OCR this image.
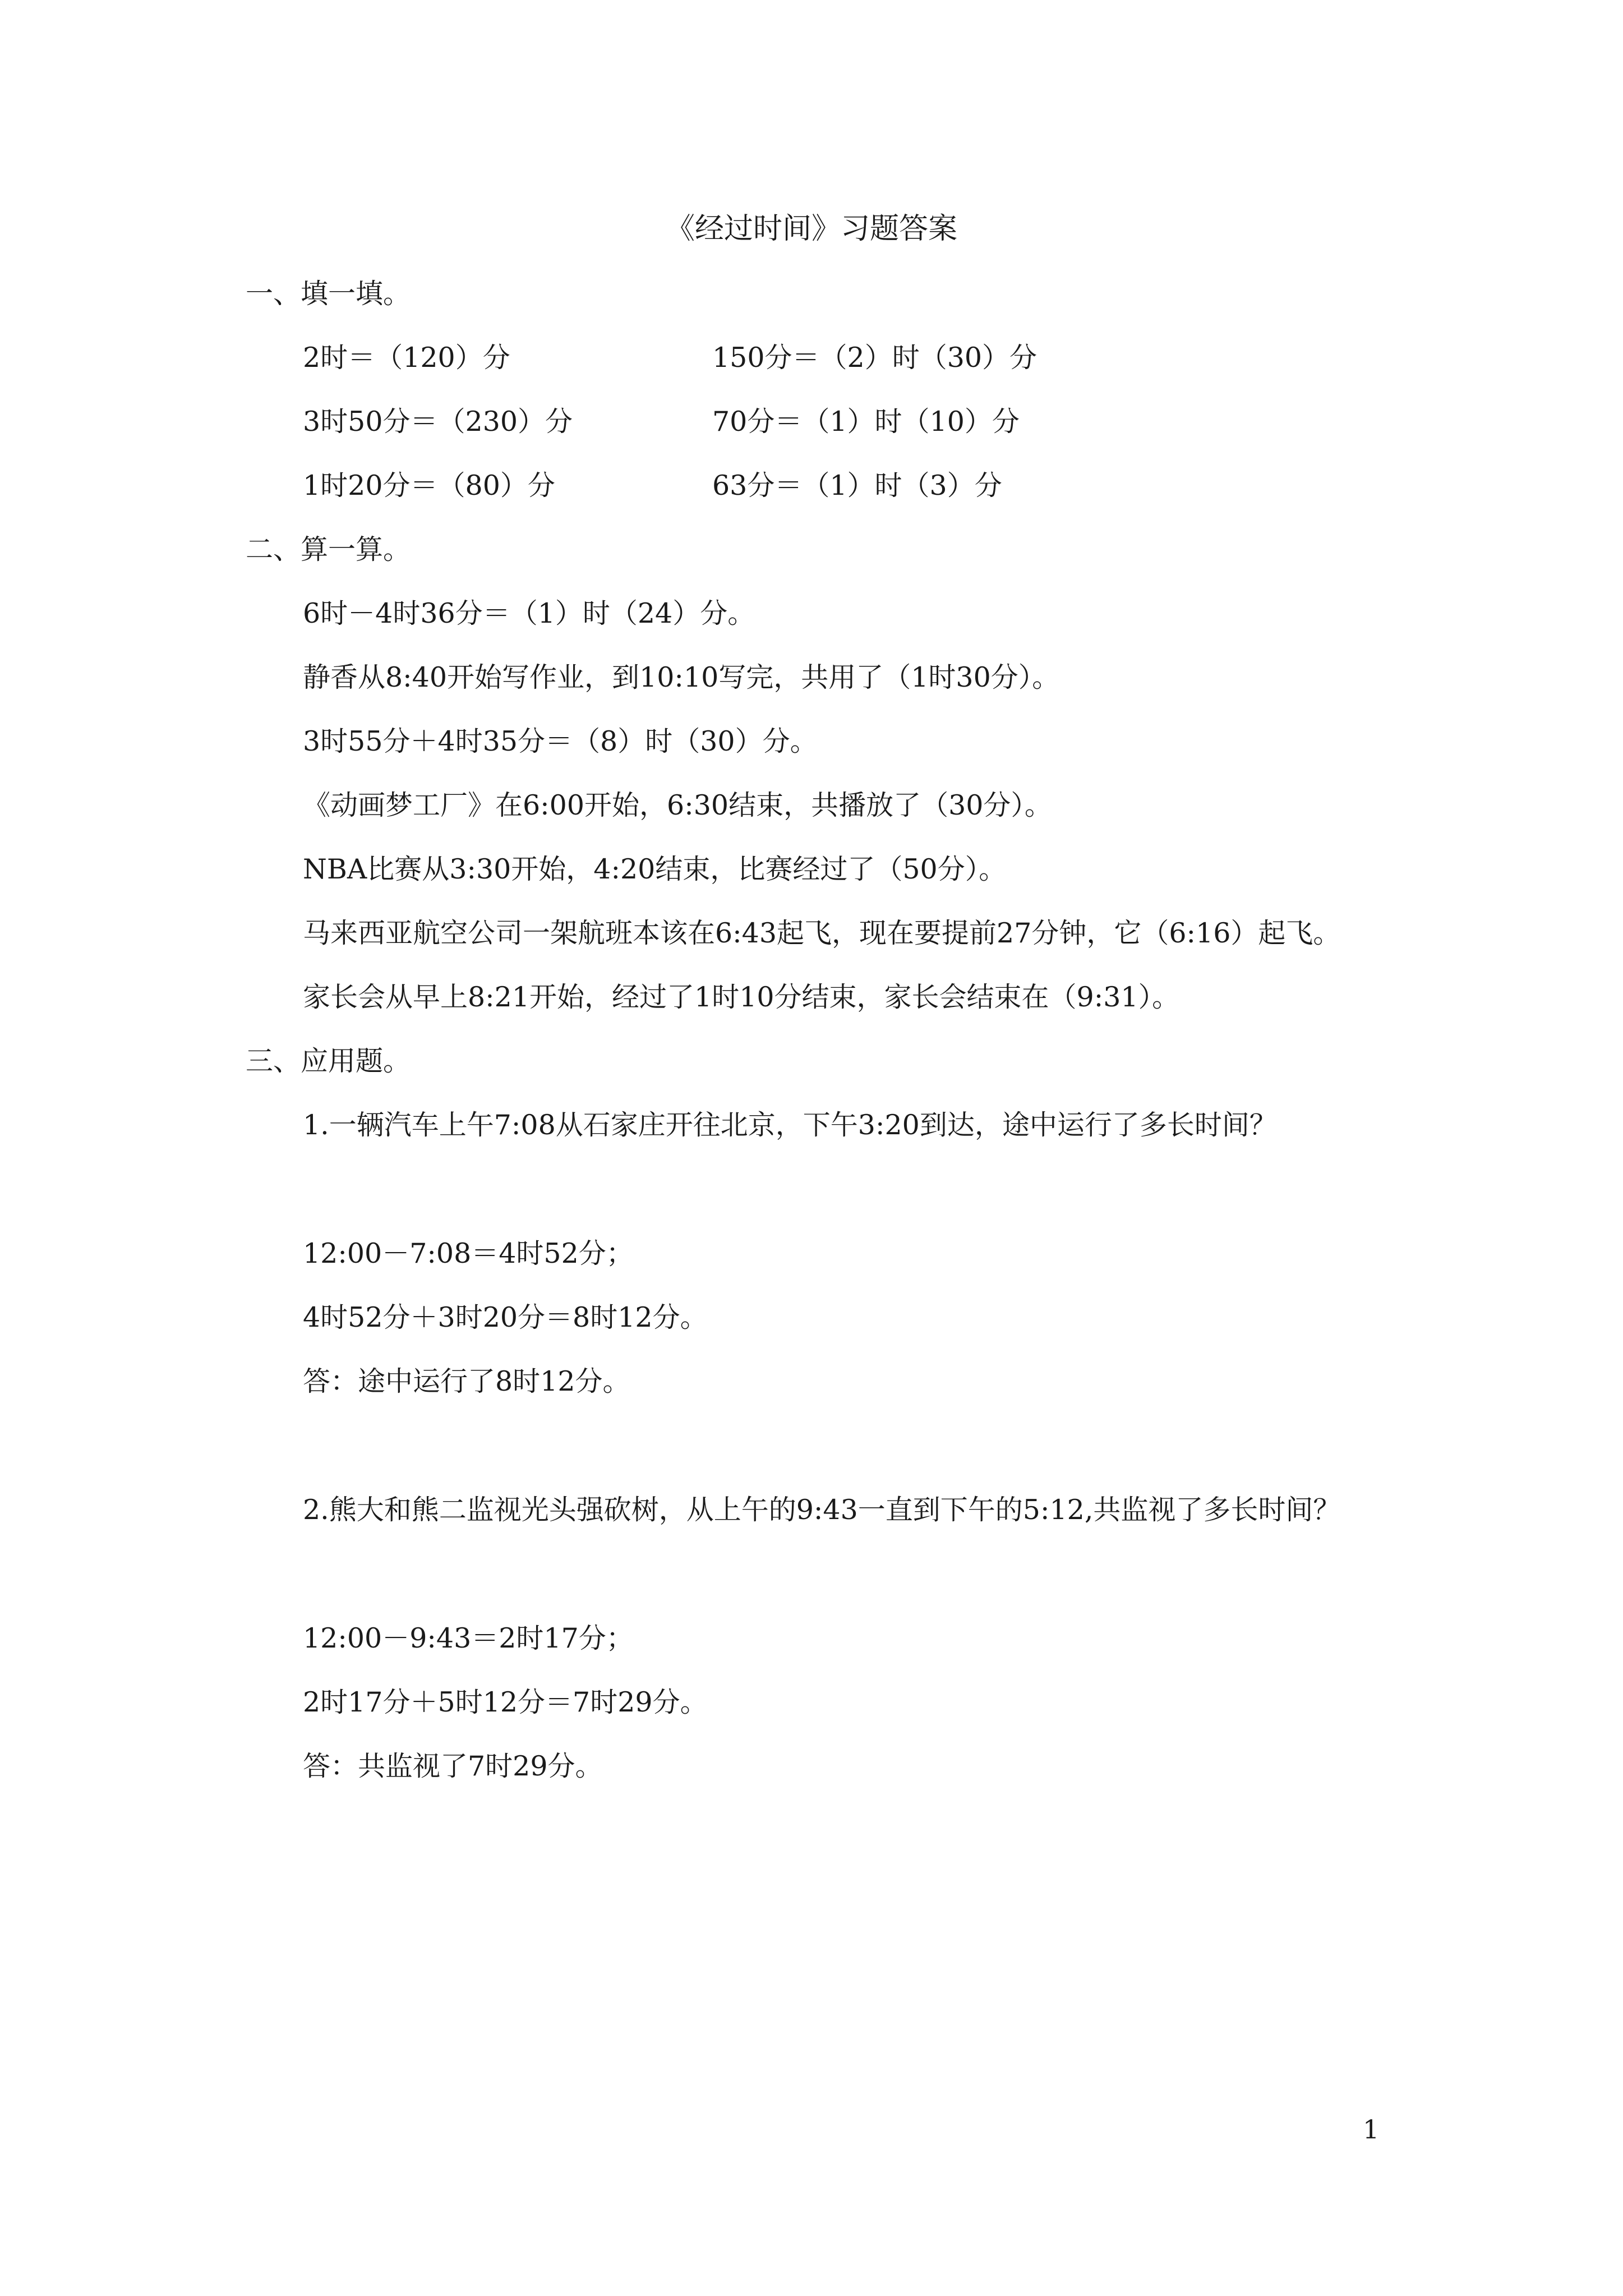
《经过时间》习题答案
一、填一填。
2时＝（120）分	150分＝（2）时（30）分
3时50分＝（230）分	70分＝（1）时（10）分
1时20分＝（80）分	63分＝（1）时（3）分
二、算一算。
6时－4时36分＝（1）时（24）分。
静香从8:40开始写作业，到10:10写完，共用了（1时30分）。
3时55分＋4时35分＝（8）时（30）分。
《动画梦工厂》在6:00开始，6:30结束，共播放了（30分）。
NBA比赛从3:30开始，4:20结束，比赛经过了（50分）。
马来西亚航空公司一架航班本该在6:43起飞，现在要提前27分钟，它（6:16）起飞。
家长会从早上8:21开始，经过了1时10分结束，家长会结束在（9:31）。
三、应用题。
1.一辆汽车上午7:08从石家庄开往北京，下午3:20到达，途中运行了多长时间？
12:00－7:08＝4时52分；
4时52分＋3时20分＝8时12分。
答：途中运行了8时12分。
2.熊大和熊二监视光头强砍树，从上午的9:43一直到下午的5:12,共监视了多长时间？
12:00－9:43＝2时17分；
2时17分＋5时12分＝7时29分。
答：共监视了7时29分。
1
